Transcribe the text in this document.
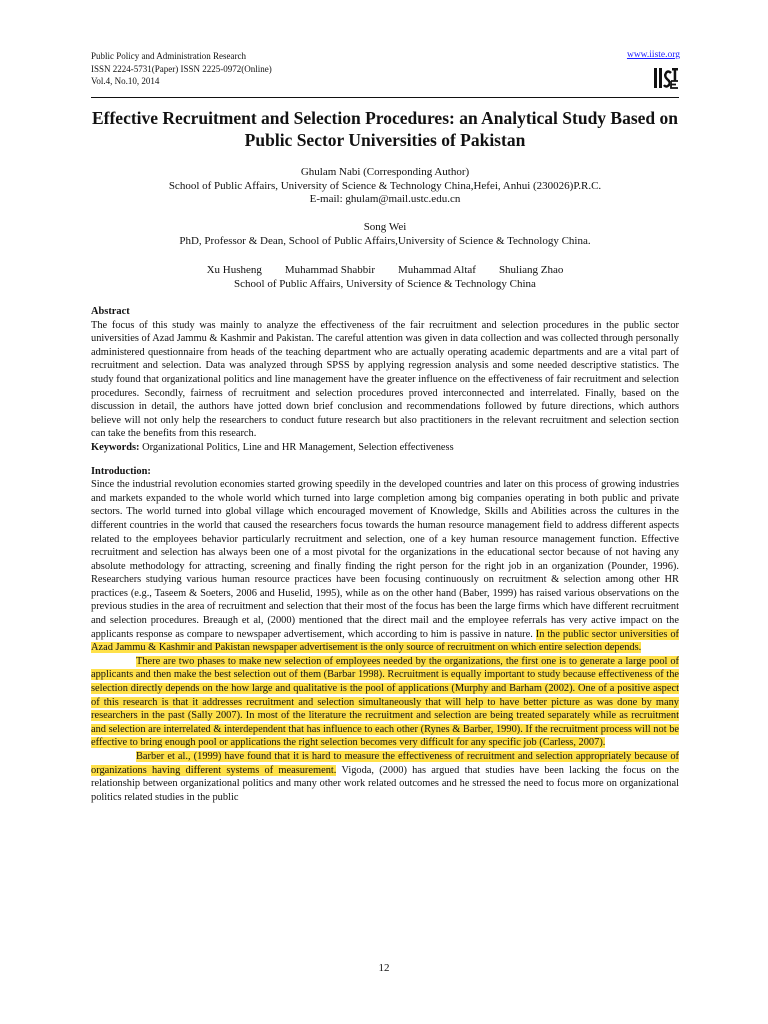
Public Policy and Administration Research
ISSN 2224-5731(Paper) ISSN 2225-0972(Online)
Vol.4, No.10, 2014
www.iiste.org
Effective Recruitment and Selection Procedures: an Analytical Study Based on Public Sector Universities of Pakistan
Ghulam Nabi (Corresponding Author)
School of Public Affairs, University of Science & Technology China,Hefei, Anhui (230026)P.R.C.
E-mail: ghulam@mail.ustc.edu.cn
Song Wei
PhD, Professor & Dean, School of Public Affairs,University of Science & Technology China.
Xu Husheng Muhammad Shabbir Muhammad Altaf Shuliang Zhao
School of Public Affairs, University of Science & Technology China
Abstract

The focus of this study was mainly to analyze the effectiveness of the fair recruitment and selection procedures in the public sector universities of Azad Jammu & Kashmir and Pakistan. The careful attention was given in data collection and was collected through personally administered questionnaire from heads of the teaching department who are actually operating academic departments and are a vital part of recruitment and selection. Data was analyzed through SPSS by applying regression analysis and some needed descriptive statistics. The study found that organizational politics and line management have the greater influence on the effectiveness of fair recruitment and selection procedures. Secondly, fairness of recruitment and selection procedures proved interconnected and interrelated. Finally, based on the discussion in detail, the authors have jotted down brief conclusion and recommendations followed by future directions, which authors believe will not only help the researchers to conduct future research but also practitioners in the relevant recruitment and selection section can take the benefits from this research.

Keywords: Organizational Politics, Line and HR Management, Selection effectiveness

Introduction:

Since the industrial revolution economies started growing speedily in the developed countries and later on this process of growing industries and markets expanded to the whole world which turned into large completion among big companies operating in both public and private sectors. The world turned into global village which encouraged movement of Knowledge, Skills and Abilities across the cultures in the different countries in the world that caused the researchers focus towards the human resource management field to address different aspects related to the employees behavior particularly recruitment and selection, one of a key human resource management function. Effective recruitment and selection has always been one of a most pivotal for the organizations in the educational sector because of not having any absolute methodology for attracting, screening and finally finding the right person for the right job in an organization (Pounder, 1996). Researchers studying various human resource practices have been focusing continuously on recruitment & selection among other HR practices (e.g., Taseem & Soeters, 2006 and Huselid, 1995), while as on the other hand (Baber, 1999) has raised various observations on the previous studies in the area of recruitment and selection that their most of the focus has been the large firms which have different recruitment and selection procedures. Breaugh et al, (2000) mentioned that the direct mail and the employee referrals has very active impact on the applicants response as compare to newspaper advertisement, which according to him is passive in nature. In the public sector universities of Azad Jammu & Kashmir and Pakistan newspaper advertisement is the only source of recruitment on which entire selection depends.

There are two phases to make new selection of employees needed by the organizations, the first one is to generate a large pool of applicants and then make the best selection out of them (Barbar 1998). Recruitment is equally important to study because effectiveness of the selection directly depends on the how large and qualitative is the pool of applications (Murphy and Barham (2002). One of a positive aspect of this research is that it addresses recruitment and selection simultaneously that will help to have better picture as was done by many researchers in the past (Sally 2007). In most of the literature the recruitment and selection are being treated separately while as recruitment and selection are interrelated & interdependent that has influence to each other (Rynes & Barber, 1990). If the recruitment process will not be effective to bring enough pool or applications the right selection becomes very difficult for any specific job (Carless, 2007).

Barber et al., (1999) have found that it is hard to measure the effectiveness of recruitment and selection appropriately because of organizations having different systems of measurement. Vigoda, (2000) has argued that studies have been lacking the focus on the relationship between organizational politics and many other work related outcomes and he stressed the need to focus more on organizational politics related studies in the public

12
